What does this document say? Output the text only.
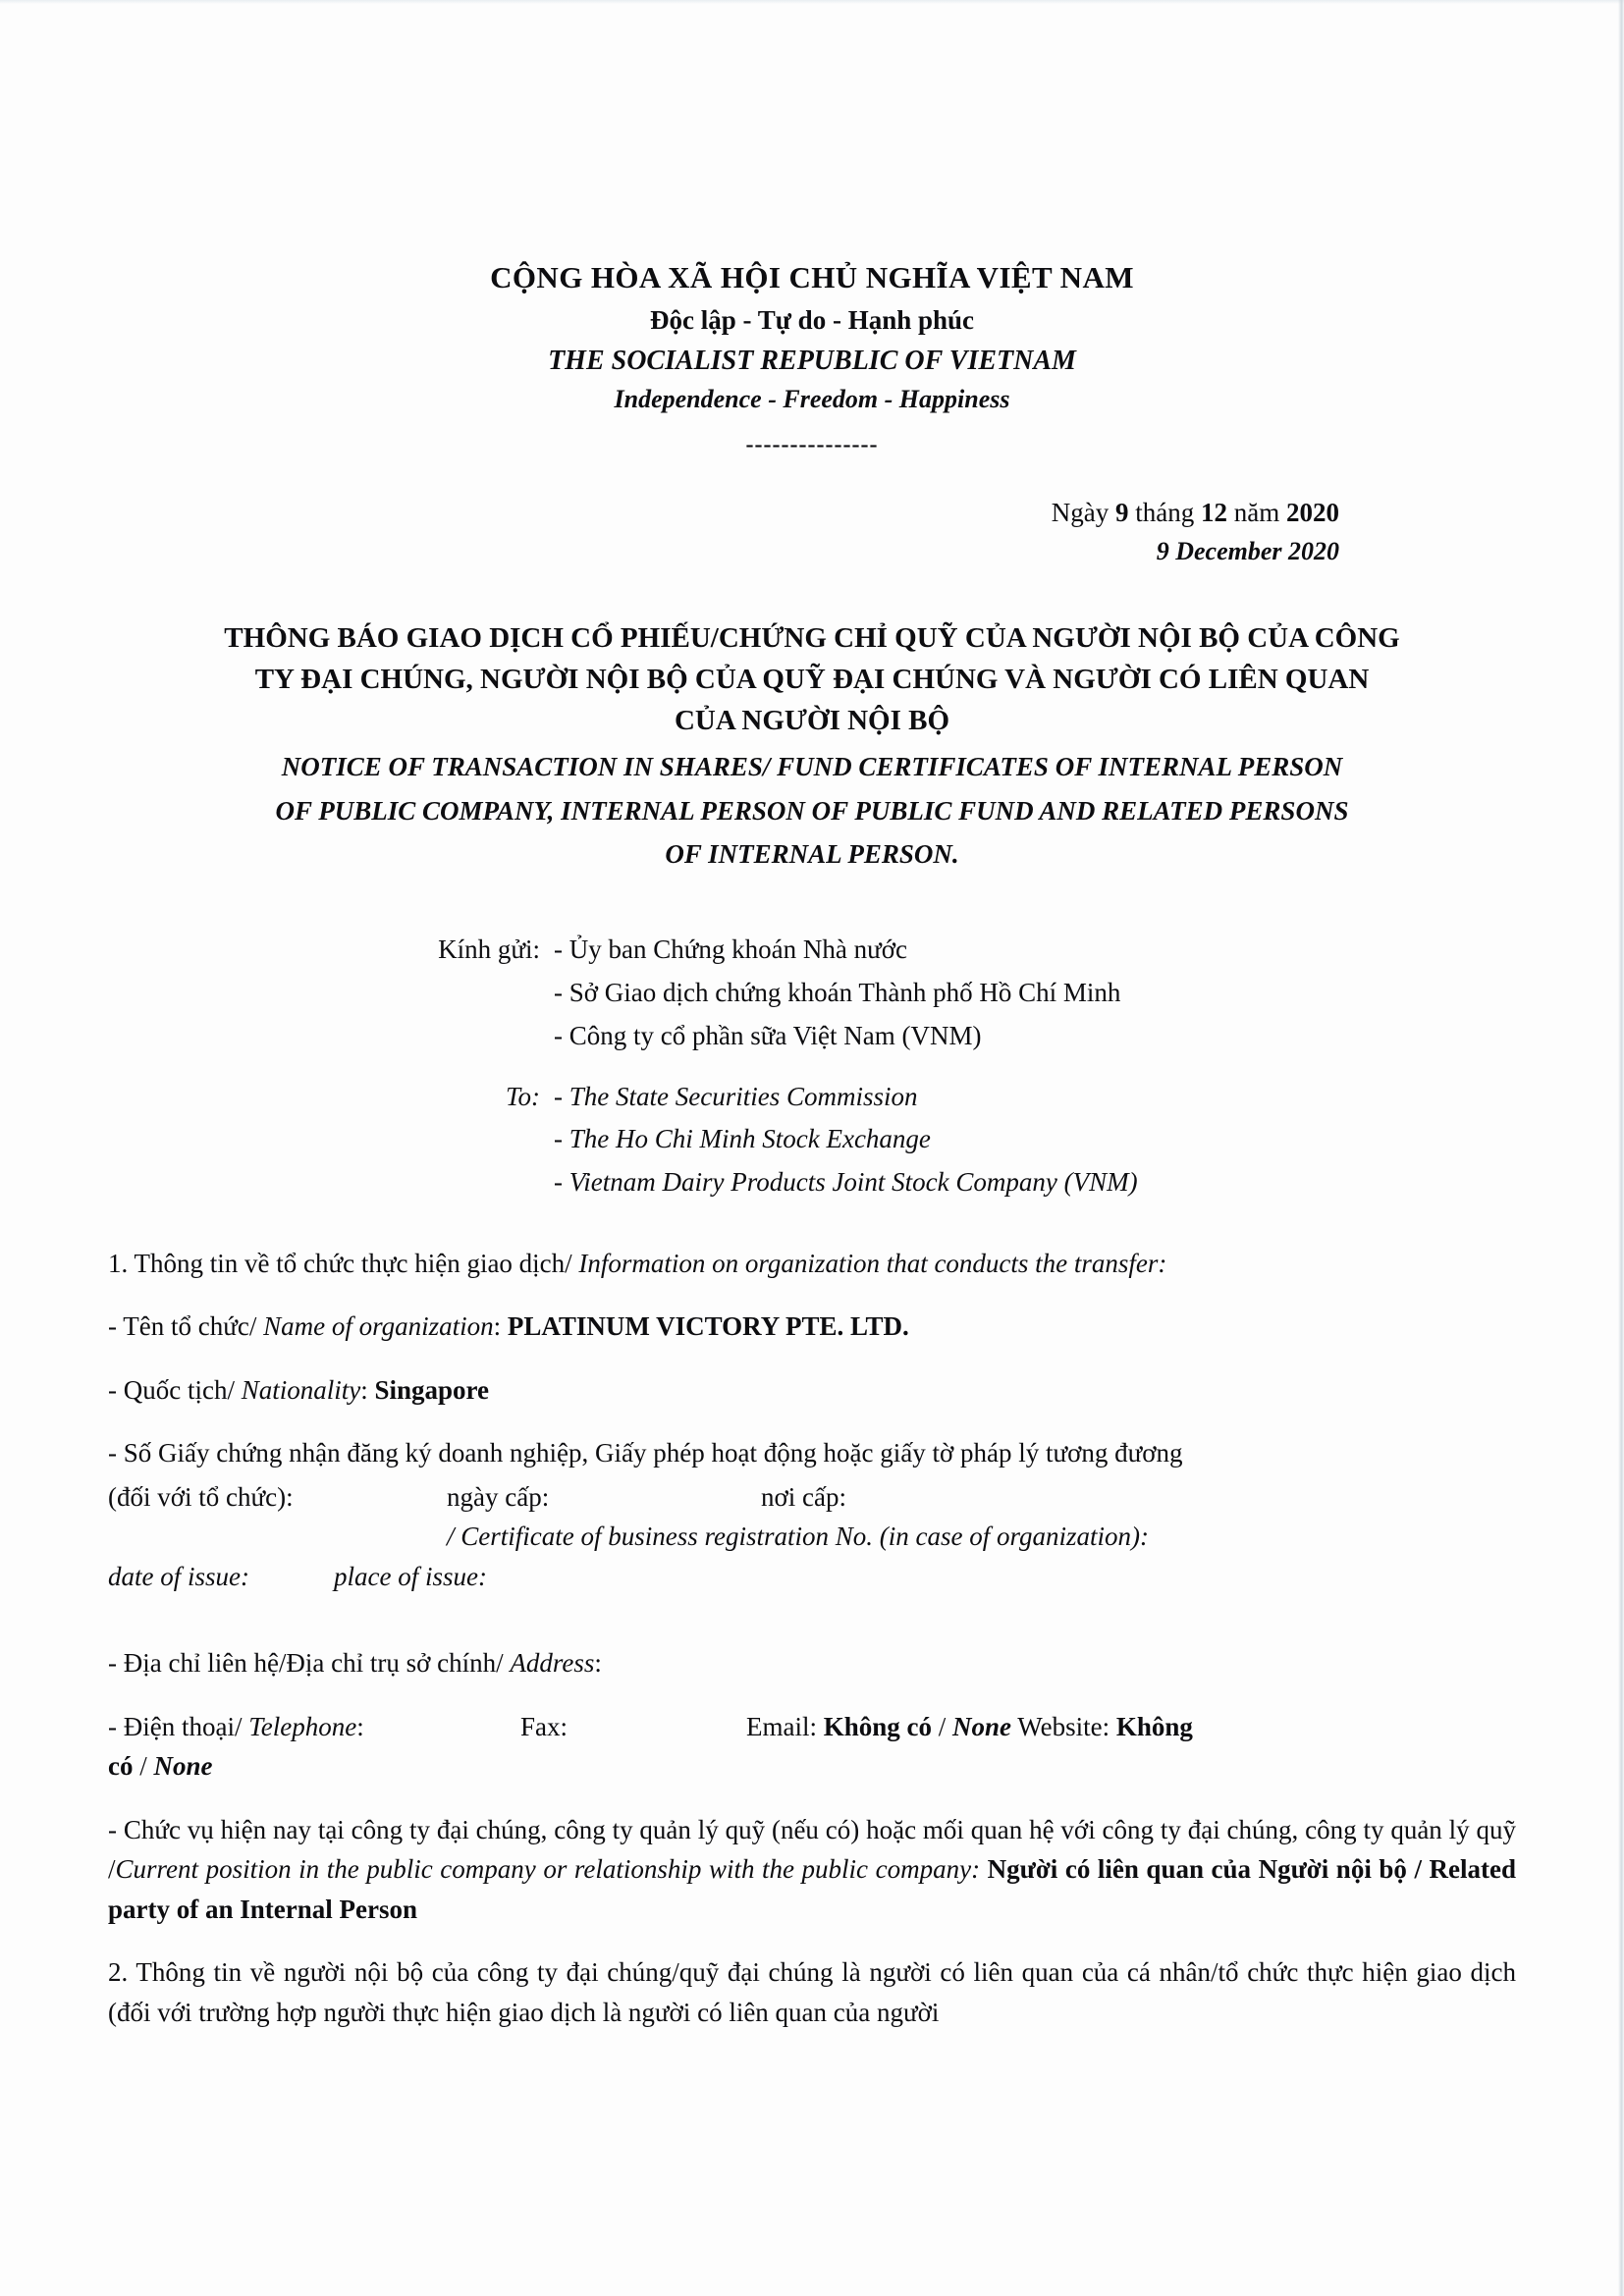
CỘNG HÒA XÃ HỘI CHỦ NGHĨA VIỆT NAM
Độc lập - Tự do - Hạnh phúc
THE SOCIALIST REPUBLIC OF VIETNAM
Independence - Freedom - Happiness
---------------
Ngày 9 tháng 12 năm 2020
9 December 2020
THÔNG BÁO GIAO DỊCH CỔ PHIẾU/CHỨNG CHỈ QUỸ CỦA NGƯỜI NỘI BỘ CỦA CÔNG
TY ĐẠI CHÚNG, NGƯỜI NỘI BỘ CỦA QUỸ ĐẠI CHÚNG VÀ NGƯỜI CÓ LIÊN QUAN
CỦA NGƯỜI NỘI BỘ
NOTICE OF TRANSACTION IN SHARES/ FUND CERTIFICATES OF INTERNAL PERSON
OF PUBLIC COMPANY, INTERNAL PERSON OF PUBLIC FUND AND RELATED PERSONS
OF INTERNAL PERSON.
Kính gửi: - Ủy ban Chứng khoán Nhà nước
- Sở Giao dịch chứng khoán Thành phố Hồ Chí Minh
- Công ty cổ phần sữa Việt Nam (VNM)
To: - The State Securities Commission
- The Ho Chi Minh Stock Exchange
- Vietnam Dairy Products Joint Stock Company (VNM)

1. Thông tin về tổ chức thực hiện giao dịch/ Information on organization that conducts the transfer:

- Tên tổ chức/ Name of organization: PLATINUM VICTORY PTE. LTD.

- Quốc tịch/ Nationality: Singapore

- Số Giấy chứng nhận đăng ký doanh nghiệp, Giấy phép hoạt động hoặc giấy tờ pháp lý tương đương
(đối với tổ chức):	ngày cấp:	nơi cấp:
/ Certificate of business registration No. (in case of organization):
date of issue:	place of issue:

- Địa chỉ liên hệ/Địa chỉ trụ sở chính/ Address:

- Điện thoại/ Telephone:	Fax:	Email: Không có / None Website: Không

có / None

- Chức vụ hiện nay tại công ty đại chúng, công ty quản lý quỹ (nếu có) hoặc mối quan hệ với công ty đại chúng, công ty quản lý quỹ /Current position in the public company or relationship with the public company: Người có liên quan của Người nội bộ / Related party of an Internal Person

2. Thông tin về người nội bộ của công ty đại chúng/quỹ đại chúng là người có liên quan của cá nhân/tổ chức thực hiện giao dịch (đối với trường hợp người thực hiện giao dịch là người có liên quan của người
